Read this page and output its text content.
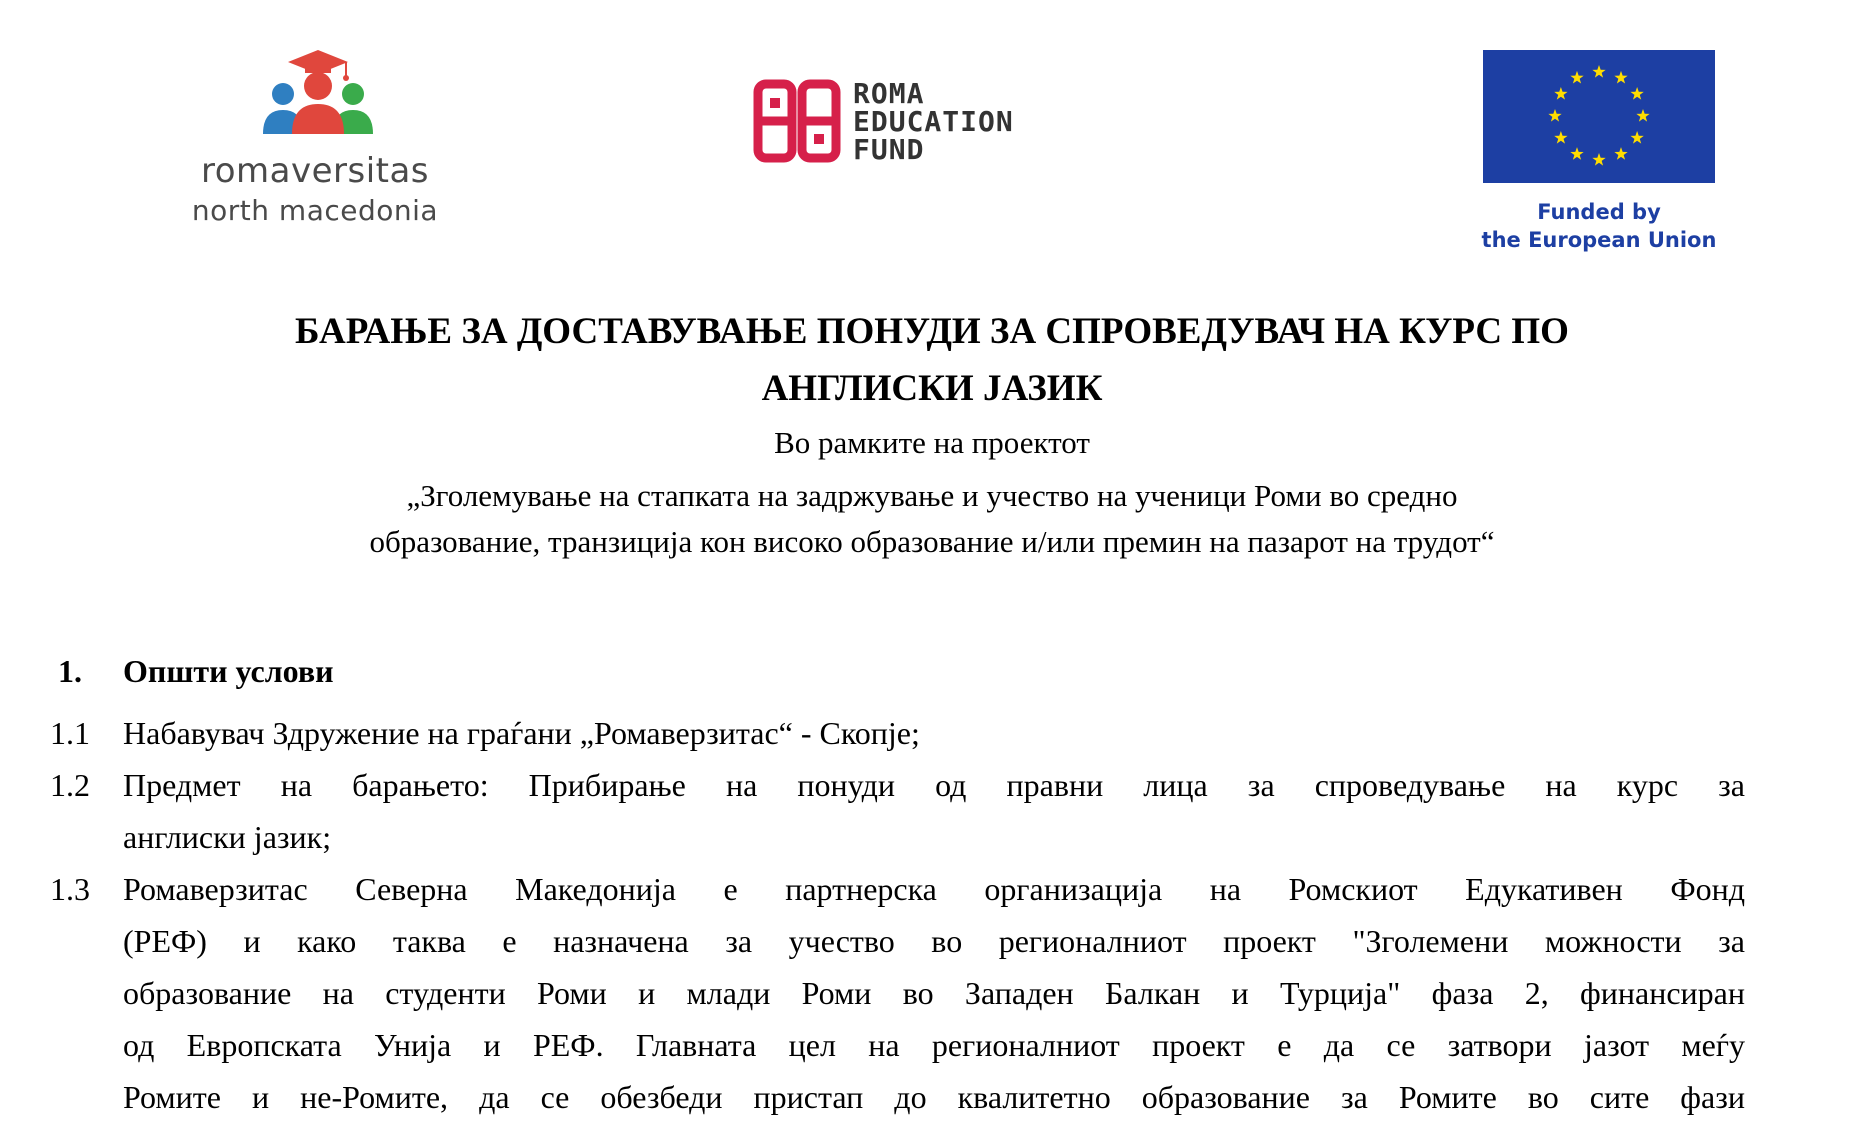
romaversitas
north macedonia
ROMA
EDUCATION
FUND
Funded by
the European Union
БАРАЊЕ ЗА ДОСТАВУВАЊЕ ПОНУДИ ЗА СПРОВЕДУВАЧ НА КУРС ПО
АНГЛИСКИ ЈАЗИК
Во рамките на проектот
„Зголемување на стапката на задржување и учество на ученици Роми во средно
образование, транзиција кон високо образование и/или премин на пазарот на трудот“
1. Општи услови
1.1 Набавувач Здружение на граѓани „Ромаверзитас“ - Скопје;
1.2 Предмет на барањето: Прибирање на понуди од правни лица за спроведување на курс за
англиски јазик;
1.3 Ромаверзитас Северна Македонија е партнерска организација на Ромскиот Едукативен Фонд
(РЕФ) и како таква е назначена за учество во регионалниот проект "Зголемени можности за
образование на студенти Роми и млади Роми во Западен Балкан и Турција" фаза 2, финансиран
од Европската Унија и РЕФ. Главната цел на регионалниот проект е да се затвори јазот меѓу
Ромите и не-Ромите, да се обезбеди пристап до квалитетно образование за Ромите во сите фази
